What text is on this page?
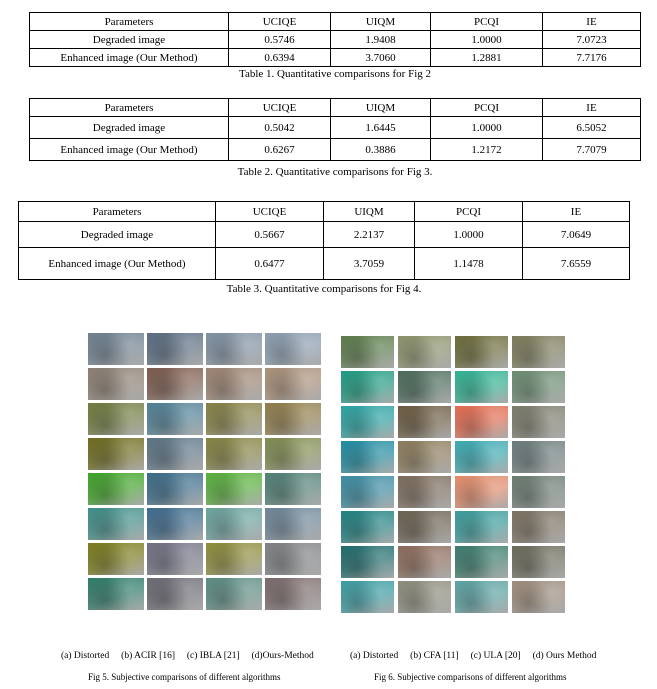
Parameters	UCIQE	UIQM	PCQI	IE
Degraded image	0.5746	1.9408	1.0000	7.0723
Enhanced image (Our Method)	0.6394	3.7060	1.2881	7.7176
Table 1. Quantitative comparisons for Fig 2
Parameters	UCIQE	UIQM	PCQI	IE
Degraded image	0.5042	1.6445	1.0000	6.5052
Enhanced image (Our Method)	0.6267	0.3886	1.2172	7.7079
Table 2. Quantitative comparisons for Fig 3.
Parameters	UCIQE	UIQM	PCQI	IE
Degraded image	0.5667	2.2137	1.0000	7.0649
Enhanced image (Our Method)	0.6477	3.7059	1.1478	7.6559
Table 3. Quantitative comparisons for Fig 4.
(a) Distorted     (b) ACIR [16]     (c) IBLA [21]     (d)Ours-Method
Fig 5. Subjective comparisons of different algorithms
(a) Distorted     (b) CFA [11]     (c) ULA [20]     (d) Ours Method
Fig 6. Subjective comparisons of different algorithms
